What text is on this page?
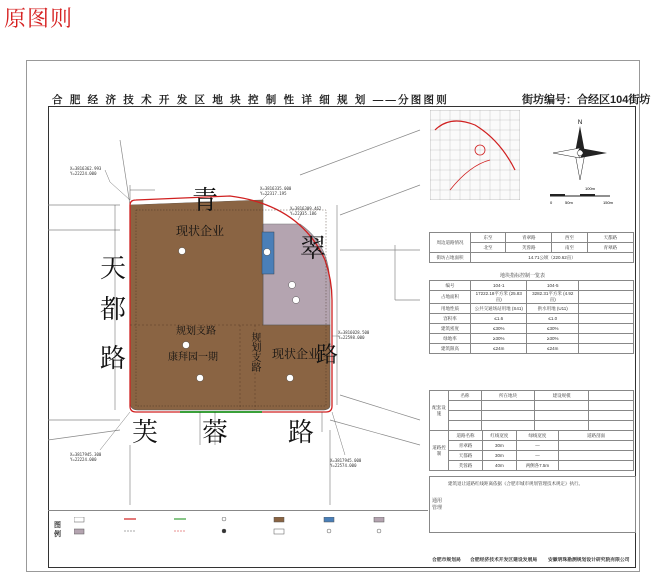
原图则
合 肥 经 济 技 术 开 发 区 地 块 控 制 性 详 细 规 划 ——分图图则	街坊编号：合经区104街坊
青
翠
天
都
路
芙 蓉 路
路
现状企业
现状企业
康拜园一期
规划支路
规划支路
X=3816362.993
Y=22224.000
X=3816335.000
Y=22317.195
X=3816309.462
Y=22335.186
X=3816028.500
Y=22598.000
X=3817945.300
Y=22224.000	X=3817945.000
Y=22574.000
N
0	50m
100m
150m
周边道路情况	东至	青翠路	西至	天都路
	北至	芙蓉路	南至	青翠路
街坊占地面积	14.71公顷（220.62亩）			
地块指标控制一览表
编号	104-1	104-5	
占地面积	17222.18平方米 (25.83亩)	3282.31平方米 (4.92亩)	
用地性质	公共交通场站用地 (S41)	供水用地 (U11)	
容积率	≤1.6	≤1.0	
建筑密度	≤30%	≤30%	
绿地率	≥30%	≥30%	
建筑限高	≤24m	≤24m	
配套设施	名称	所在地块	建设规模	

道路控制	道路名称	红线宽度	绿线宽度	道路剖面
	青翠路	30m	—	
	天都路	30m	—	
	芙蓉路	40m	两侧各7.5m	
通用管理
建筑退让道路红线距离依据《合肥市城市规划管理技术规定》执行。
图例
合肥市规划局 合肥经济技术开发区建设发展局 安徽明珠勘测规划设计研究院有限公司
